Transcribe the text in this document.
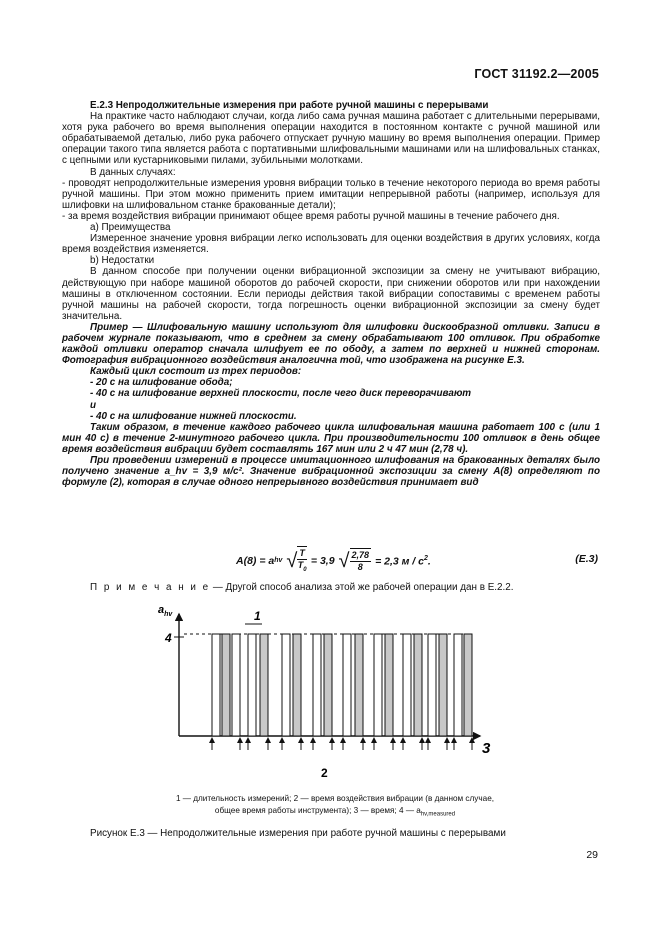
ГОСТ 31192.2—2005

Е.2.3 Непродолжительные измерения при работе ручной машины с перерывами

На практике часто наблюдают случаи, когда либо сама ручная машина работает с длительными перерывами, хотя рука рабочего во время выполнения операции находится в постоянном контакте с ручной машиной или обрабатываемой деталью, либо рука рабочего отпускает ручную машину во время выполнения операции. Пример операции такого типа является работа с портативными шлифовальными машинами или на шлифовальных станках, с цепными или кустарниковыми пилами, зубильными молотками.

В данных случаях:

- проводят непродолжительные измерения уровня вибрации только в течение некоторого периода во время работы ручной машины. При этом можно применить прием имитации непрерывной работы (например, используя для шлифовки на шлифовальном станке бракованные детали);

- за время воздействия вибрации принимают общее время работы ручной машины в течение рабочего дня.

a) Преимущества

Измеренное значение уровня вибрации легко использовать для оценки воздействия в других условиях, когда время воздействия изменяется.

b) Недостатки

В данном способе при получении оценки вибрационной экспозиции за смену не учитывают вибрацию, действующую при наборе машиной оборотов до рабочей скорости, при снижении оборотов или при нахождении машины в отключенном состоянии. Если периоды действия такой вибрации сопоставимы с временем работы ручной машины на рабочей скорости, тогда погрешность оценки вибрационной экспозиции за смену будет значительна.

Пример — Шлифовальную машину используют для шлифовки дискообразной отливки. Записи в рабочем журнале показывают, что в среднем за смену обрабатывают 100 отливок. При обработке каждой отливки оператор сначала шлифует ее по ободу, а затем по верхней и нижней сторонам. Фотография вибрационного воздействия аналогична той, что изображена на рисунке Е.3.

Каждый цикл состоит из трех периодов:

- 20 с на шлифование обода;

- 40 с на шлифование верхней плоскости, после чего диск переворачивают

и

- 40 с на шлифование нижней плоскости.

Таким образом, в течение каждого рабочего цикла шлифовальная машина работает 100 с (или 1 мин 40 с) в течение 2-минутного рабочего цикла. При производительности 100 отливок в день общее время воздействия вибрации будет составлять 167 мин или 2 ч 47 мин (2,78 ч).

При проведении измерений в процессе имитационного шлифования на бракованных деталях было получено значение a_hv = 3,9 м/с². Значение вибрационной экспозиции за смену A(8) определяют по формуле (2), которая в случае одного непрерывного воздействия принимает вид

A(8) = a hv √ $\frac{T}{T_0} = 3,9$ √ $\frac{2,78}{8} = 2,3$ м / $с^2$.	(Е.3)
П р и м е ч а н и е — Другой способ анализа этой же рабочей операции дан в Е.2.2.
$a_{hv}$
4
3
2
1
1 — длительность измерений; 2 — время воздействия вибрации (в данном случае,
общее время работы инструмента); 3 — время; 4 — $a_{hv,measured}$
Рисунок Е.3 — Непродолжительные измерения при работе ручной машины с перерывами
29
